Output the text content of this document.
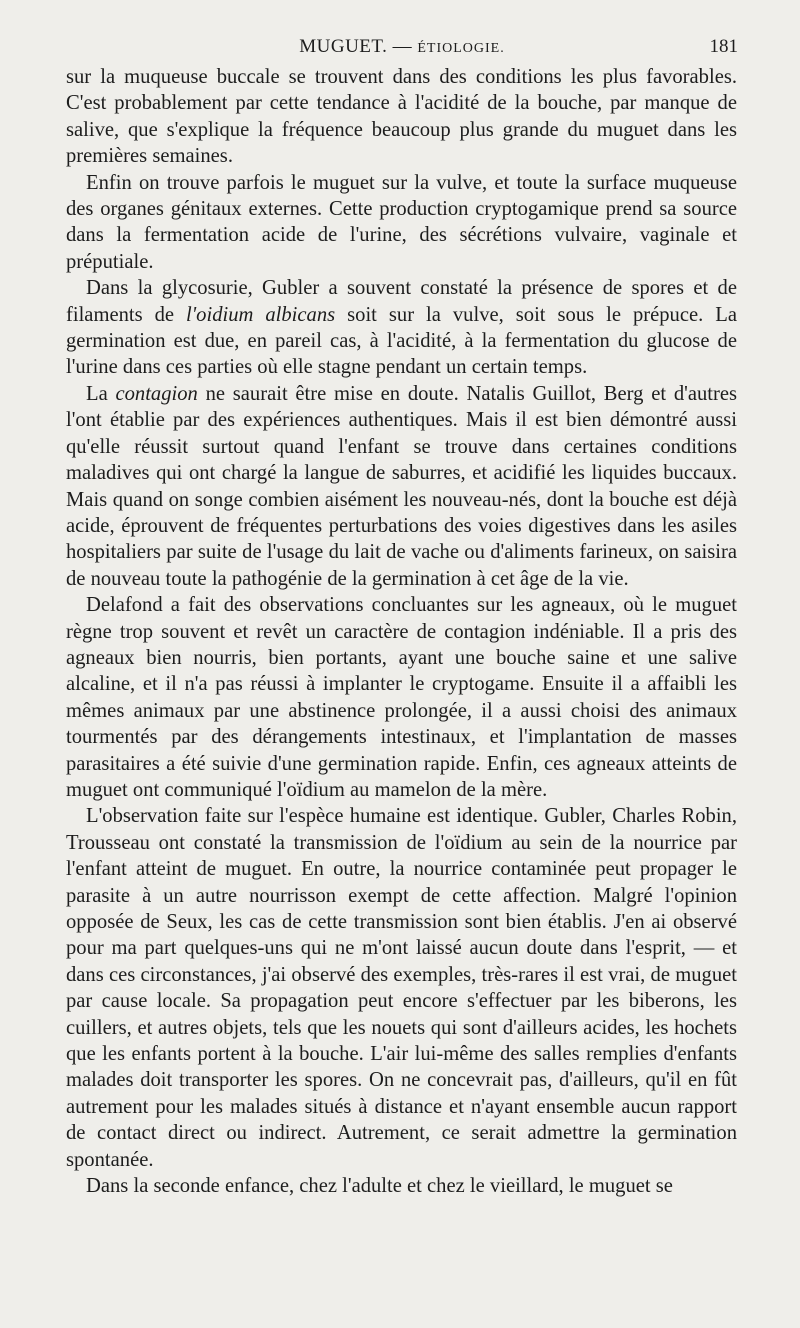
MUGUET. — ÉTIOLOGIE.	181

sur la muqueuse buccale se trouvent dans des conditions les plus favorables. C'est probablement par cette tendance à l'acidité de la bouche, par manque de salive, que s'explique la fréquence beaucoup plus grande du muguet dans les premières semaines.

Enfin on trouve parfois le muguet sur la vulve, et toute la surface muqueuse des organes génitaux externes. Cette production cryptogamique prend sa source dans la fermentation acide de l'urine, des sécrétions vulvaire, vaginale et préputiale.

Dans la glycosurie, Gubler a souvent constaté la présence de spores et de filaments de l'oidium albicans soit sur la vulve, soit sous le prépuce. La germination est due, en pareil cas, à l'acidité, à la fermentation du glucose de l'urine dans ces parties où elle stagne pendant un certain temps.

La contagion ne saurait être mise en doute. Natalis Guillot, Berg et d'autres l'ont établie par des expériences authentiques. Mais il est bien démontré aussi qu'elle réussit surtout quand l'enfant se trouve dans certaines conditions maladives qui ont chargé la langue de saburres, et acidifié les liquides buccaux. Mais quand on songe combien aisément les nouveau-nés, dont la bouche est déjà acide, éprouvent de fréquentes perturbations des voies digestives dans les asiles hospitaliers par suite de l'usage du lait de vache ou d'aliments farineux, on saisira de nouveau toute la pathogénie de la germination à cet âge de la vie.

Delafond a fait des observations concluantes sur les agneaux, où le muguet règne trop souvent et revêt un caractère de contagion indéniable. Il a pris des agneaux bien nourris, bien portants, ayant une bouche saine et une salive alcaline, et il n'a pas réussi à implanter le cryptogame. Ensuite il a affaibli les mêmes animaux par une abstinence prolongée, il a aussi choisi des animaux tourmentés par des dérangements intestinaux, et l'implantation de masses parasitaires a été suivie d'une germination rapide. Enfin, ces agneaux atteints de muguet ont communiqué l'oïdium au mamelon de la mère.

L'observation faite sur l'espèce humaine est identique. Gubler, Charles Robin, Trousseau ont constaté la transmission de l'oïdium au sein de la nourrice par l'enfant atteint de muguet. En outre, la nourrice contaminée peut propager le parasite à un autre nourrisson exempt de cette affection. Malgré l'opinion opposée de Seux, les cas de cette transmission sont bien établis. J'en ai observé pour ma part quelques-uns qui ne m'ont laissé aucun doute dans l'esprit, — et dans ces circonstances, j'ai observé des exemples, très-rares il est vrai, de muguet par cause locale. Sa propagation peut encore s'effectuer par les biberons, les cuillers, et autres objets, tels que les nouets qui sont d'ailleurs acides, les hochets que les enfants portent à la bouche. L'air lui-même des salles remplies d'enfants malades doit transporter les spores. On ne concevrait pas, d'ailleurs, qu'il en fût autrement pour les malades situés à distance et n'ayant ensemble aucun rapport de contact direct ou indirect. Autrement, ce serait admettre la germination spontanée.

Dans la seconde enfance, chez l'adulte et chez le vieillard, le muguet se
